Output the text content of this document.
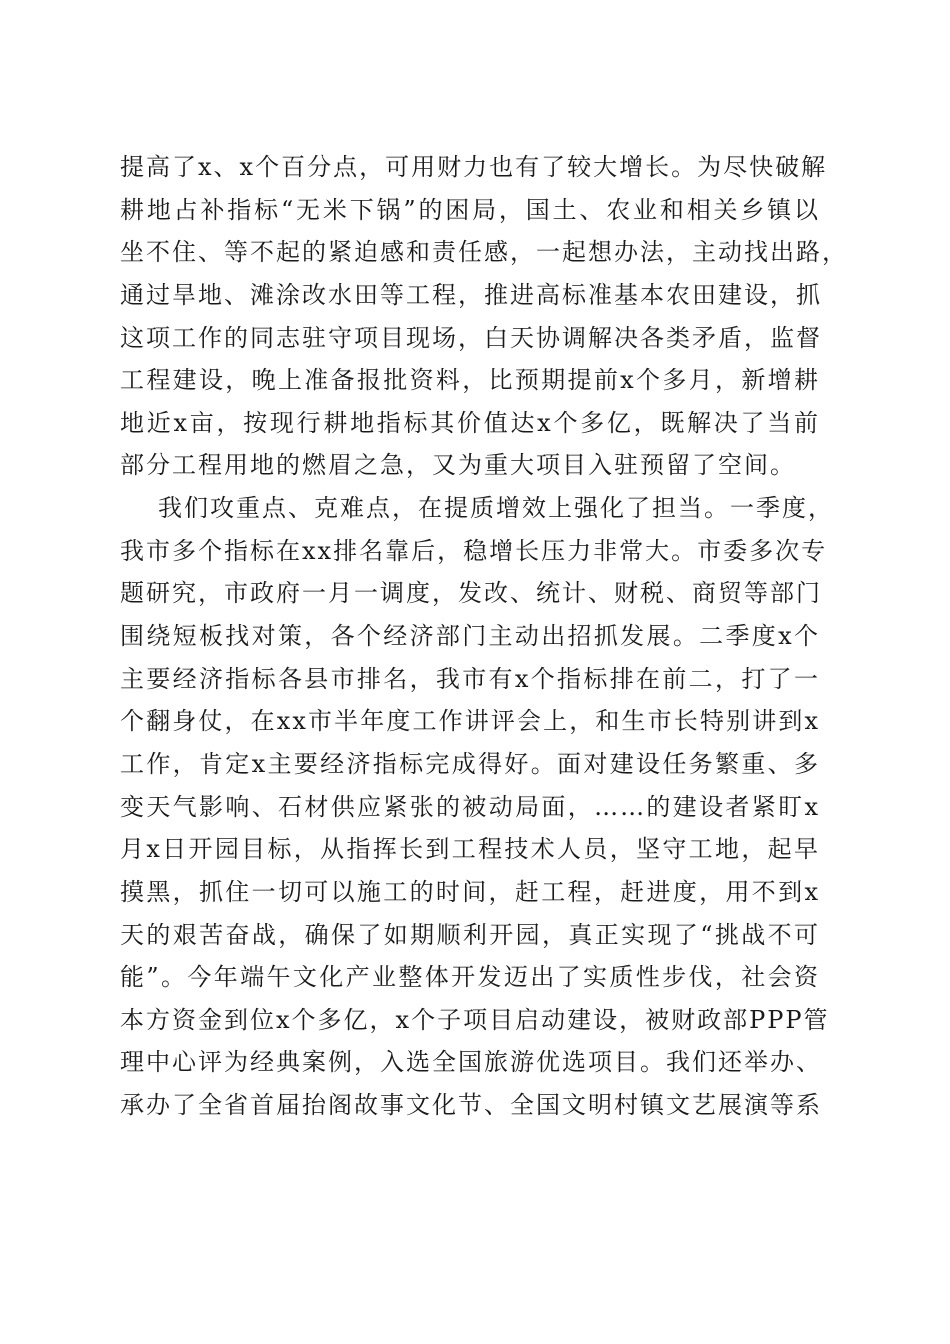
提高了x、x个百分点，可用财力也有了较大增长。为尽快破解
耕地占补指标“无米下锅”的困局，国土、农业和相关乡镇以
坐不住、等不起的紧迫感和责任感，一起想办法，主动找出路，
通过旱地、滩涂改水田等工程，推进高标准基本农田建设，抓
这项工作的同志驻守项目现场，白天协调解决各类矛盾，监督
工程建设，晚上准备报批资料，比预期提前x个多月，新增耕
地近x亩，按现行耕地指标其价值达x个多亿，既解决了当前
部分工程用地的燃眉之急，又为重大项目入驻预留了空间。
我们攻重点、克难点，在提质增效上强化了担当。一季度，
我市多个指标在xx排名靠后，稳增长压力非常大。市委多次专
题研究，市政府一月一调度，发改、统计、财税、商贸等部门
围绕短板找对策，各个经济部门主动出招抓发展。二季度x个
主要经济指标各县市排名，我市有x个指标排在前二，打了一
个翻身仗，在xx市半年度工作讲评会上，和生市长特别讲到x
工作，肯定x主要经济指标完成得好。面对建设任务繁重、多
变天气影响、石材供应紧张的被动局面，……的建设者紧盯x
月x日开园目标，从指挥长到工程技术人员，坚守工地，起早
摸黑，抓住一切可以施工的时间，赶工程，赶进度，用不到x
天的艰苦奋战，确保了如期顺利开园，真正实现了“挑战不可
能”。今年端午文化产业整体开发迈出了实质性步伐，社会资
本方资金到位x个多亿，x个子项目启动建设，被财政部PPP管
理中心评为经典案例，入选全国旅游优选项目。我们还举办、
承办了全省首届抬阁故事文化节、全国文明村镇文艺展演等系
